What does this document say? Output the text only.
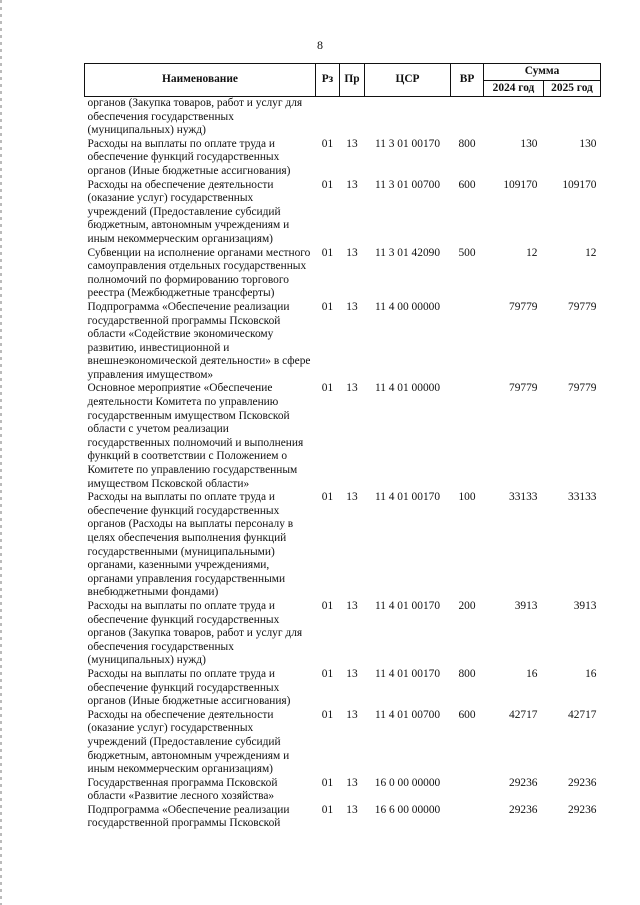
8
Наименование	Рз	Пр	ЦСР	ВР	Сумма	
					2024 год	2025 год
органов (Закупка товаров, работ и услуг для обеспечения государственных (муниципальных) нужд)						
Расходы на выплаты по оплате труда и обеспечение функций государственных органов (Иные бюджетные ассигнования)	01	13	11 3 01 00170	800	130	130
Расходы на обеспечение деятельности (оказание услуг) государственных учреждений (Предоставление субсидий бюджетным, автономным учреждениям и иным некоммерческим организациям)	01	13	11 3 01 00700	600	109170	109170
Субвенции на исполнение органами местного самоуправления отдельных государственных полномочий по формированию торгового реестра (Межбюджетные трансферты)	01	13	11 3 01 42090	500	12	12
Подпрограмма «Обеспечение реализации государственной программы Псковской области «Содействие экономическому развитию, инвестиционной и внешнеэкономической деятельности» в сфере управления имуществом»	01	13	11 4 00 00000		79779	79779
Основное мероприятие «Обеспечение деятельности Комитета по управлению государственным имуществом Псковской области с учетом реализации государственных полномочий и выполнения функций в соответствии с Положением о Комитете по управлению государственным имуществом Псковской области»	01	13	11 4 01 00000		79779	79779
Расходы на выплаты по оплате труда и обеспечение функций государственных органов (Расходы на выплаты персоналу в целях обеспечения выполнения функций государственными (муниципальными) органами, казенными учреждениями, органами управления государственными внебюджетными фондами)	01	13	11 4 01 00170	100	33133	33133
Расходы на выплаты по оплате труда и обеспечение функций государственных органов (Закупка товаров, работ и услуг для обеспечения государственных (муниципальных) нужд)	01	13	11 4 01 00170	200	3913	3913
Расходы на выплаты по оплате труда и обеспечение функций государственных органов (Иные бюджетные ассигнования)	01	13	11 4 01 00170	800	16	16
Расходы на обеспечение деятельности (оказание услуг) государственных учреждений (Предоставление субсидий бюджетным, автономным учреждениям и иным некоммерческим организациям)	01	13	11 4 01 00700	600	42717	42717
Государственная программа Псковской области «Развитие лесного хозяйства»	01	13	16 0 00 00000		29236	29236
Подпрограмма «Обеспечение реализации государственной программы Псковской	01	13	16 6 00 00000		29236	29236
